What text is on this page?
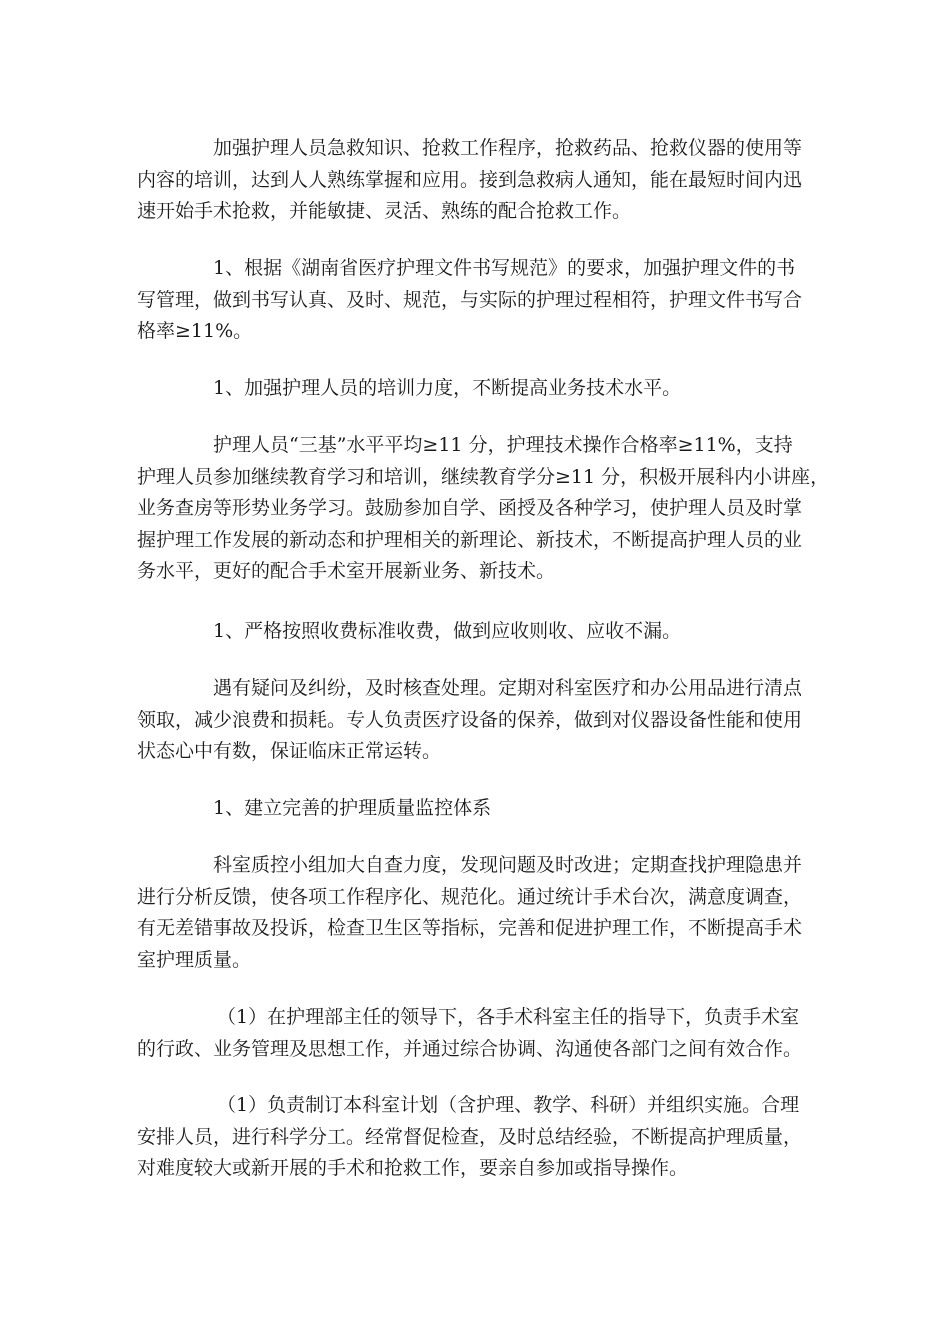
加强护理人员急救知识、抢救工作程序，抢救药品、抢救仪器的使用等
内容的培训，达到人人熟练掌握和应用。接到急救病人通知，能在最短时间内迅
速开始手术抢救，并能敏捷、灵活、熟练的配合抢救工作。

1、根据《湖南省医疗护理文件书写规范》的要求，加强护理文件的书
写管理，做到书写认真、及时、规范，与实际的护理过程相符，护理文件书写合
格率≥11%。

1、加强护理人员的培训力度，不断提高业务技术水平。

护理人员“三基”水平平均≥11 分，护理技术操作合格率≥11%，支持
护理人员参加继续教育学习和培训，继续教育学分≥11 分，积极开展科内小讲座，
业务查房等形势业务学习。鼓励参加自学、函授及各种学习，使护理人员及时掌
握护理工作发展的新动态和护理相关的新理论、新技术，不断提高护理人员的业
务水平，更好的配合手术室开展新业务、新技术。

1、严格按照收费标准收费，做到应收则收、应收不漏。

遇有疑问及纠纷，及时核查处理。定期对科室医疗和办公用品进行清点
领取，减少浪费和损耗。专人负责医疗设备的保养，做到对仪器设备性能和使用
状态心中有数，保证临床正常运转。

1、建立完善的护理质量监控体系

科室质控小组加大自查力度，发现问题及时改进；定期查找护理隐患并
进行分析反馈，使各项工作程序化、规范化。通过统计手术台次，满意度调查，
有无差错事故及投诉，检查卫生区等指标，完善和促进护理工作，不断提高手术
室护理质量。

（1）在护理部主任的领导下，各手术科室主任的指导下，负责手术室
的行政、业务管理及思想工作，并通过综合协调、沟通使各部门之间有效合作。

（1）负责制订本科室计划（含护理、教学、科研）并组织实施。合理
安排人员，进行科学分工。经常督促检查，及时总结经验，不断提高护理质量，
对难度较大或新开展的手术和抢救工作，要亲自参加或指导操作。
